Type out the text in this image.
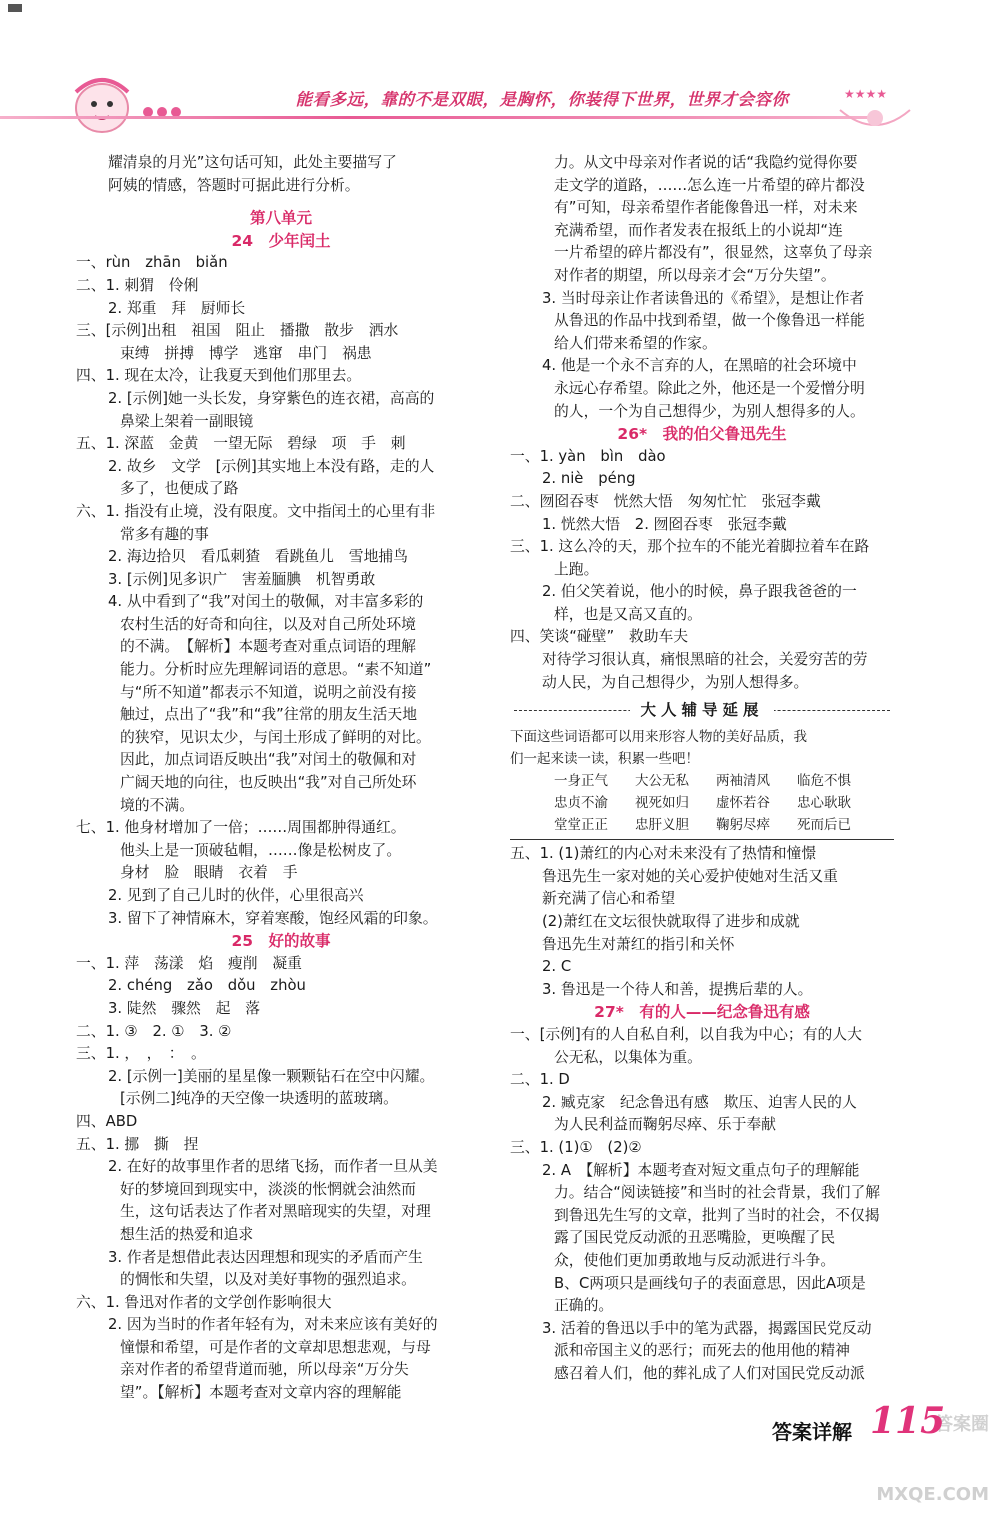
能看多远，靠的不是双眼，是胸怀，你装得下世界，世界才会容你	★★★★
耀清泉的月光”这句话可知，此处主要描写了
阿姨的情感，答题时可据此进行分析。
第八单元
24　少年闰土
一、rùn　zhān　biǎn
二、1. 刺猬　伶俐
2. 郑重　拜　厨师长
三、[示例]出租　祖国　阻止　播撒　散步　洒水
束缚　拼搏　博学　逃窜　串门　祸患
四、1. 现在太冷，让我夏天到他们那里去。
2. [示例]她一头长发，身穿紫色的连衣裙，高高的
鼻梁上架着一副眼镜
五、1. 深蓝　金黄　一望无际　碧绿　项　手　刺
2. 故乡　文学　[示例]其实地上本没有路，走的人
多了，也便成了路
六、1. 指没有止境，没有限度。文中指闰土的心里有非
常多有趣的事
2. 海边拾贝　看瓜刺猹　看跳鱼儿　雪地捕鸟
3. [示例]见多识广　害羞腼腆　机智勇敢
4. 从中看到了“我”对闰土的敬佩，对丰富多彩的
农村生活的好奇和向往，以及对自己所处环境
的不满。　【解析】本题考查对重点词语的理解
能力。分析时应先理解词语的意思。“素不知道”
与“所不知道”都表示不知道，说明之前没有接
触过，点出了“我”和“我”往常的朋友生活天地
的狭窄，见识太少，与闰土形成了鲜明的对比。
因此，加点词语反映出“我”对闰土的敬佩和对
广阔天地的向往，也反映出“我”对自己所处环
境的不满。
七、1. 他身材增加了一倍；……周围都肿得通红。
他头上是一顶破毡帽，……像是松树皮了。
身材　脸　眼睛　衣着　手
2. 见到了自己儿时的伙伴，心里很高兴
3. 留下了神情麻木，穿着寒酸，饱经风霜的印象。
25　好的故事
一、1. 萍　荡漾　焰　瘦削　凝重
2. chéng　zǎo　dǒu　zhòu
3. 陡然　骤然　起　落
二、1. ③　2. ①　3. ②
三、1. ，　，　：　。
2. [示例一]美丽的星星像一颗颗钻石在空中闪耀。
[示例二]纯净的天空像一块透明的蓝玻璃。
四、ABD
五、1. 挪　撕　捏
2. 在好的故事里作者的思绪飞扬，而作者一旦从美
好的梦境回到现实中，淡淡的怅惘就会油然而
生，这句话表达了作者对黑暗现实的失望，对理
想生活的热爱和追求
3. 作者是想借此表达因理想和现实的矛盾而产生
的惆怅和失望，以及对美好事物的强烈追求。
六、1. 鲁迅对作者的文学创作影响很大
2. 因为当时的作者年轻有为，对未来应该有美好的
憧憬和希望，可是作者的文章却思想悲观，与母
亲对作者的希望背道而驰，所以母亲“万分失
望”。【解析】本题考查对文章内容的理解能
力。从文中母亲对作者说的话“我隐约觉得你要
走文学的道路，……怎么连一片希望的碎片都没
有”可知，母亲希望作者能像鲁迅一样，对未来
充满希望，而作者发表在报纸上的小说却“连
一片希望的碎片都没有”，很显然，这辜负了母亲
对作者的期望，所以母亲才会“万分失望”。
3. 当时母亲让作者读鲁迅的《希望》，是想让作者
从鲁迅的作品中找到希望，做一个像鲁迅一样能
给人们带来希望的作家。
4. 他是一个永不言弃的人，在黑暗的社会环境中
永远心存希望。除此之外，他还是一个爱憎分明
的人，一个为自己想得少，为别人想得多的人。
26*　我的伯父鲁迅先生
一、1. yàn　bìn　dào
2. niè　péng
二、囫囵吞枣　恍然大悟　匆匆忙忙　张冠李戴
1. 恍然大悟　2. 囫囵吞枣　张冠李戴
三、1. 这么冷的天，那个拉车的不能光着脚拉着车在路
上跑。
2. 伯父笑着说，他小的时候，鼻子跟我爸爸的一
样，也是又高又直的。
四、笑谈“碰壁”　救助车夫
对待学习很认真，痛恨黑暗的社会，关爱穷苦的劳
动人民，为自己想得少，为别人想得多。
大人辅导延展
下面这些词语都可以用来形容人物的美好品质，我
们一起来读一读，积累一些吧！
一身正气　　大公无私　　两袖清风　　临危不惧
忠贞不渝　　视死如归　　虚怀若谷　　忠心耿耿
堂堂正正　　忠肝义胆　　鞠躬尽瘁　　死而后已
五、1. (1)萧红的内心对未来没有了热情和憧憬
鲁迅先生一家对她的关心爱护使她对生活又重
新充满了信心和希望
(2)萧红在文坛很快就取得了进步和成就
鲁迅先生对萧红的指引和关怀
2. C
3. 鲁迅是一个待人和善，提携后辈的人。
27*　有的人——纪念鲁迅有感
一、[示例]有的人自私自利，以自我为中心；有的人大
公无私，以集体为重。
二、1. D
2. 臧克家　纪念鲁迅有感　欺压、迫害人民的人
为人民利益而鞠躬尽瘁、乐于奉献
三、1. (1)①　(2)②
2. A　【解析】本题考查对短文重点句子的理解能
力。结合“阅读链接”和当时的社会背景，我们了解
到鲁迅先生写的文章，批判了当时的社会，不仅揭
露了国民党反动派的丑恶嘴脸，更唤醒了民
众，使他们更加勇敢地与反动派进行斗争。
B、C两项只是画线句子的表面意思，因此A项是
正确的。
3. 活着的鲁迅以手中的笔为武器，揭露国民党反动
派和帝国主义的恶行；而死去的他用他的精神
感召着人们，他的葬礼成了人们对国民党反动派
答案圈 MXQE.COM
答案详解 115
